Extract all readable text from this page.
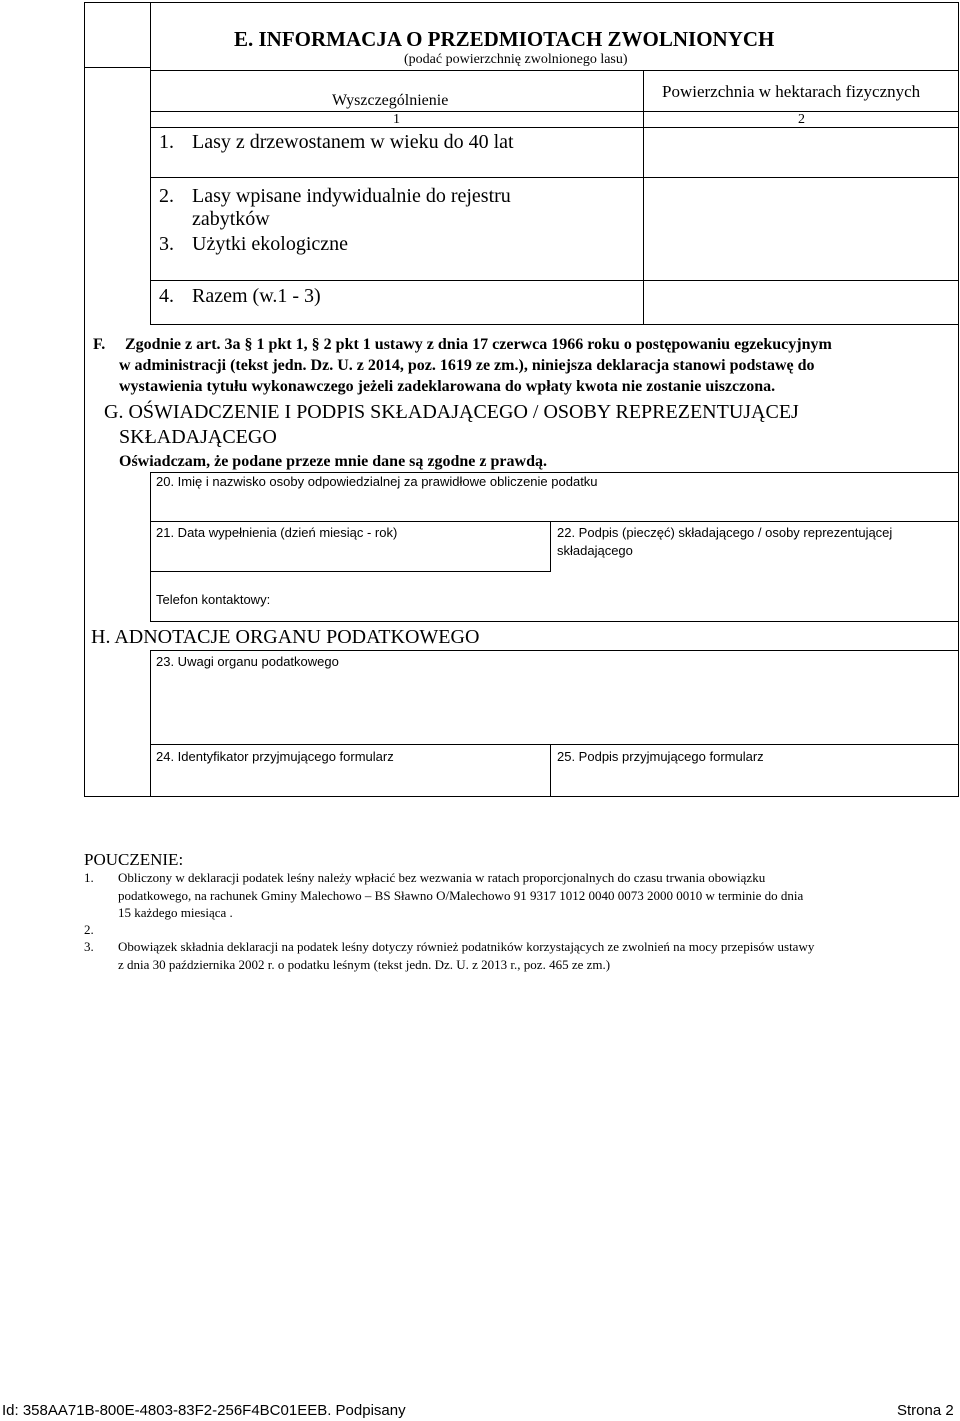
E. INFORMACJA O PRZEDMIOTACH ZWOLNIONYCH
(podać powierzchnię zwolnionego lasu)
Wyszczególnienie	Powierzchnia w hektarach fizycznych
1	2
1. Lasy z drzewostanem w wieku do 40 lat
2. Lasy wpisane indywidualnie do rejestru
zabytków
3. Użytki ekologiczne
4. Razem (w.1 - 3)
F. Zgodnie z art. 3a § 1 pkt 1, § 2 pkt 1 ustawy z dnia 17 czerwca 1966 roku o postępowaniu egzekucyjnym
w administracji (tekst jedn. Dz. U. z 2014, poz. 1619 ze zm.), niniejsza deklaracja stanowi podstawę do
wystawienia tytułu wykonawczego jeżeli zadeklarowana do wpłaty kwota nie zostanie uiszczona.
G. OŚWIADCZENIE I PODPIS SKŁADAJĄCEGO / OSOBY REPREZENTUJĄCEJ
SKŁADAJĄCEGO
Oświadczam, że podane przeze mnie dane są zgodne z prawdą.
20. Imię i nazwisko osoby odpowiedzialnej za prawidłowe obliczenie podatku
21. Data wypełnienia (dzień miesiąc - rok)	22. Podpis (pieczęć) składającego / osoby reprezentującej
składającego
Telefon kontaktowy:
H. ADNOTACJE ORGANU PODATKOWEGO
23. Uwagi organu podatkowego
24. Identyfikator przyjmującego formularz	25. Podpis przyjmującego formularz
POUCZENIE:
1. Obliczony w deklaracji podatek leśny należy wpłacić bez wezwania w ratach proporcjonalnych do czasu trwania obowiązku
podatkowego, na rachunek Gminy Malechowo – BS Sławno O/Malechowo 91 9317 1012 0040 0073 2000 0010 w terminie do dnia
15 każdego miesiąca .
2.
3. Obowiązek składnia deklaracji na podatek leśny dotyczy również podatników korzystających ze zwolnień na mocy przepisów ustawy
z dnia 30 października 2002 r. o podatku leśnym (tekst jedn. Dz. U. z 2013 r., poz. 465 ze zm.)
Id: 358AA71B-800E-4803-83F2-256F4BC01EEB. Podpisany	Strona 2
